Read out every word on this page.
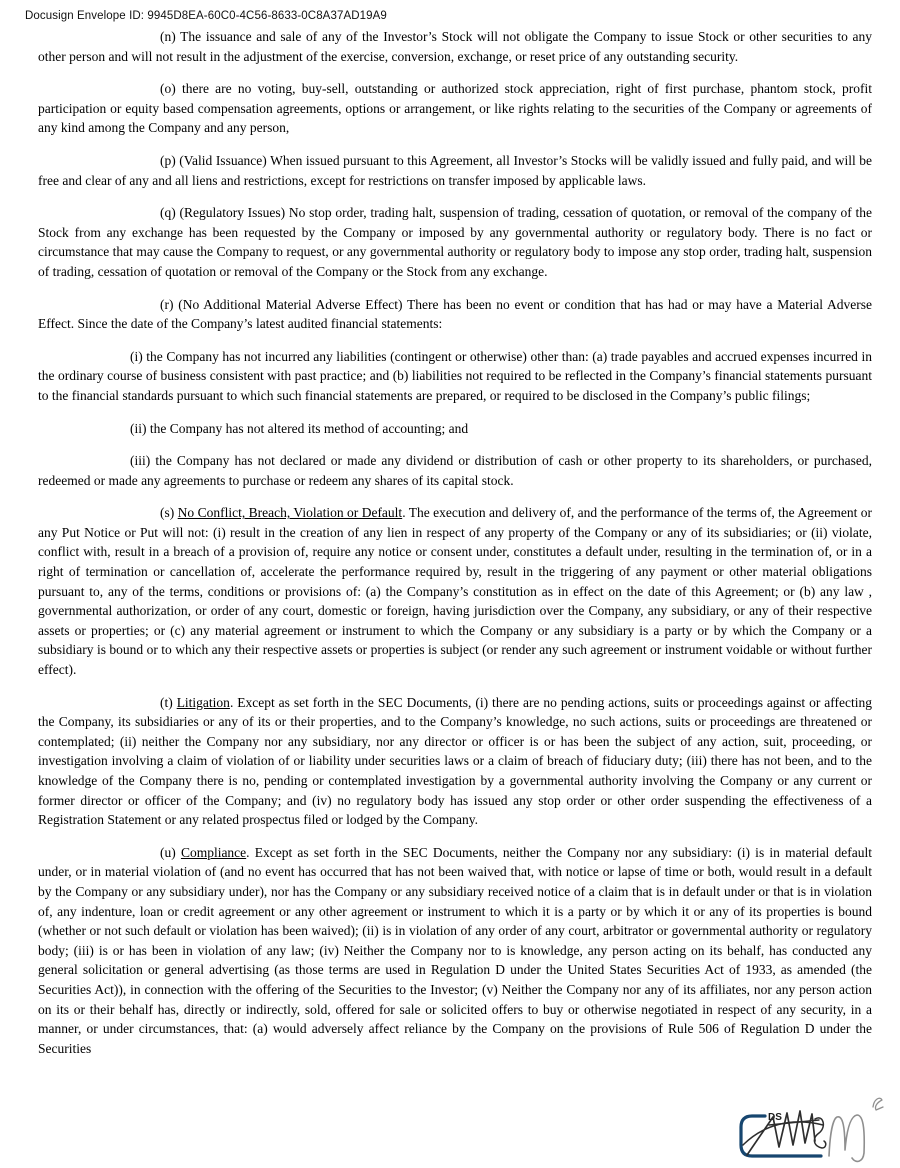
Docusign Envelope ID: 9945D8EA-60C0-4C56-8633-0C8A37AD19A9

(n) The issuance and sale of any of the Investor’s Stock will not obligate the Company to issue Stock or other securities to any other person and will not result in the adjustment of the exercise, conversion, exchange, or reset price of any outstanding security.

(o) there are no voting, buy-sell, outstanding or authorized stock appreciation, right of first purchase, phantom stock, profit participation or equity based compensation agreements, options or arrangement, or like rights relating to the securities of the Company or agreements of any kind among the Company and any person,

(p) (Valid Issuance) When issued pursuant to this Agreement, all Investor’s Stocks will be validly issued and fully paid, and will be free and clear of any and all liens and restrictions, except for restrictions on transfer imposed by applicable laws.

(q) (Regulatory Issues) No stop order, trading halt, suspension of trading, cessation of quotation, or removal of the company of the Stock from any exchange has been requested by the Company or imposed by any governmental authority or regulatory body. There is no fact or circumstance that may cause the Company to request, or any governmental authority or regulatory body to impose any stop order, trading halt, suspension of trading, cessation of quotation or removal of the Company or the Stock from any exchange.

(r) (No Additional Material Adverse Effect) There has been no event or condition that has had or may have a Material Adverse Effect. Since the date of the Company’s latest audited financial statements:

(i) the Company has not incurred any liabilities (contingent or otherwise) other than: (a) trade payables and accrued expenses incurred in the ordinary course of business consistent with past practice; and (b) liabilities not required to be reflected in the Company’s financial statements pursuant to the financial standards pursuant to which such financial statements are prepared, or required to be disclosed in the Company’s public filings;

(ii) the Company has not altered its method of accounting; and

(iii) the Company has not declared or made any dividend or distribution of cash or other property to its shareholders, or purchased, redeemed or made any agreements to purchase or redeem any shares of its capital stock.

(s) No Conflict, Breach, Violation or Default. The execution and delivery of, and the performance of the terms of, the Agreement or any Put Notice or Put will not: (i) result in the creation of any lien in respect of any property of the Company or any of its subsidiaries; or (ii) violate, conflict with, result in a breach of a provision of, require any notice or consent under, constitutes a default under, resulting in the termination of, or in a right of termination or cancellation of, accelerate the performance required by, result in the triggering of any payment or other material obligations pursuant to, any of the terms, conditions or provisions of: (a) the Company’s constitution as in effect on the date of this Agreement; or (b) any law , governmental authorization, or order of any court, domestic or foreign, having jurisdiction over the Company, any subsidiary, or any of their respective assets or properties; or (c) any material agreement or instrument to which the Company or any subsidiary is a party or by which the Company or a subsidiary is bound or to which any their respective assets or properties is subject (or render any such agreement or instrument voidable or without further effect).

(t) Litigation. Except as set forth in the SEC Documents, (i) there are no pending actions, suits or proceedings against or affecting the Company, its subsidiaries or any of its or their properties, and to the Company’s knowledge, no such actions, suits or proceedings are threatened or contemplated; (ii) neither the Company nor any subsidiary, nor any director or officer is or has been the subject of any action, suit, proceeding, or investigation involving a claim of violation of or liability under securities laws or a claim of breach of fiduciary duty; (iii) there has not been, and to the knowledge of the Company there is no, pending or contemplated investigation by a governmental authority involving the Company or any current or former director or officer of the Company; and (iv) no regulatory body has issued any stop order or other order suspending the effectiveness of a Registration Statement or any related prospectus filed or lodged by the Company.

(u) Compliance. Except as set forth in the SEC Documents, neither the Company nor any subsidiary: (i) is in material default under, or in material violation of (and no event has occurred that has not been waived that, with notice or lapse of time or both, would result in a default by the Company or any subsidiary under), nor has the Company or any subsidiary received notice of a claim that is in default under or that is in violation of, any indenture, loan or credit agreement or any other agreement or instrument to which it is a party or by which it or any of its properties is bound (whether or not such default or violation has been waived); (ii) is in violation of any order of any court, arbitrator or governmental authority or regulatory body; (iii) is or has been in violation of any law; (iv) Neither the Company nor to is knowledge, any person acting on its behalf, has conducted any general solicitation or general advertising (as those terms are used in Regulation D under the United States Securities Act of 1933, as amended (the Securities Act)), in connection with the offering of the Securities to the Investor; (v) Neither the Company nor any of its affiliates, nor any person action on its or their behalf has, directly or indirectly, sold, offered for sale or solicited offers to buy or otherwise negotiated in respect of any security, in a manner, or under circumstances, that: (a) would adversely affect reliance by the Company on the provisions of Rule 506 of Regulation D under the Securities

DS
